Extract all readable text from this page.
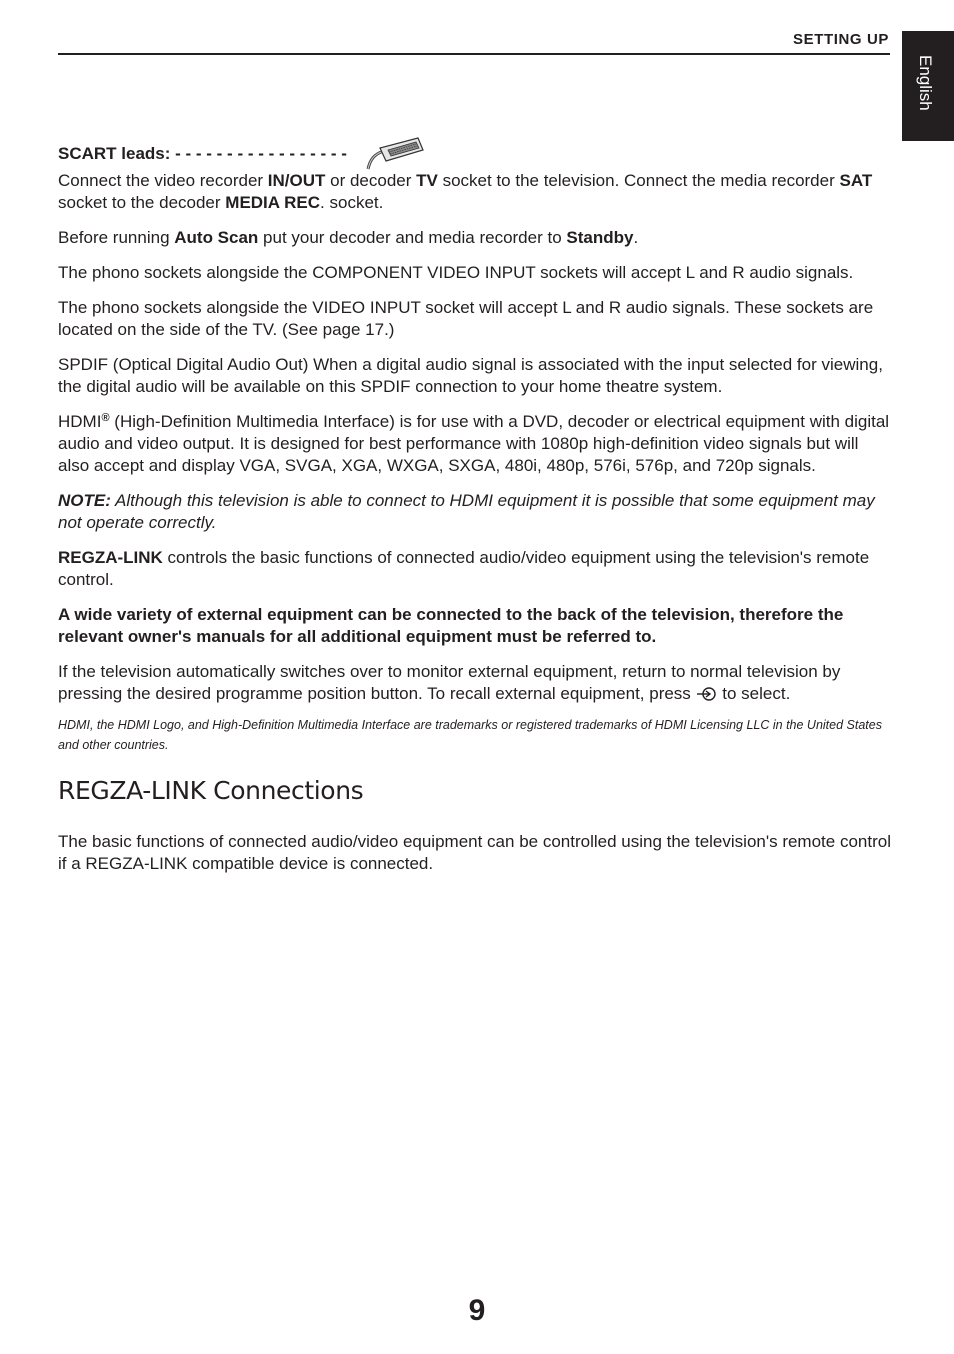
SETTING UP
English

SCART leads: - - - - - - - - - - - - - - - - -

Connect the video recorder IN/OUT or decoder TV socket to the television. Connect the media recorder SAT socket to the decoder MEDIA REC. socket.

Before running Auto Scan put your decoder and media recorder to Standby.

The phono sockets alongside the COMPONENT VIDEO INPUT sockets will accept L and R audio signals.

The phono sockets alongside the VIDEO INPUT socket will accept L and R audio signals. These sockets are located on the side of the TV. (See page 17.)

SPDIF (Optical Digital Audio Out) When a digital audio signal is associated with the input selected for viewing, the digital audio will be available on this SPDIF connection to your home theatre system.

HDMI® (High-Definition Multimedia Interface) is for use with a DVD, decoder or electrical equipment with digital audio and video output. It is designed for best performance with 1080p high-definition video signals but will also accept and display VGA, SVGA, XGA, WXGA, SXGA, 480i, 480p, 576i, 576p, and 720p signals.

NOTE: Although this television is able to connect to HDMI equipment it is possible that some equipment may not operate correctly.

REGZA-LINK controls the basic functions of connected audio/video equipment using the television's remote control.

A wide variety of external equipment can be connected to the back of the television, therefore the relevant owner's manuals for all additional equipment must be referred to.

If the television automatically switches over to monitor external equipment, return to normal television by pressing the desired programme position button. To recall external equipment, press  to select.

HDMI, the HDMI Logo, and High-Definition Multimedia Interface are trademarks or registered trademarks of HDMI Licensing LLC in the United States and other countries.

REGZA-LINK Connections

The basic functions of connected audio/video equipment can be controlled using the television's remote control if a REGZA-LINK compatible device is connected.

9
